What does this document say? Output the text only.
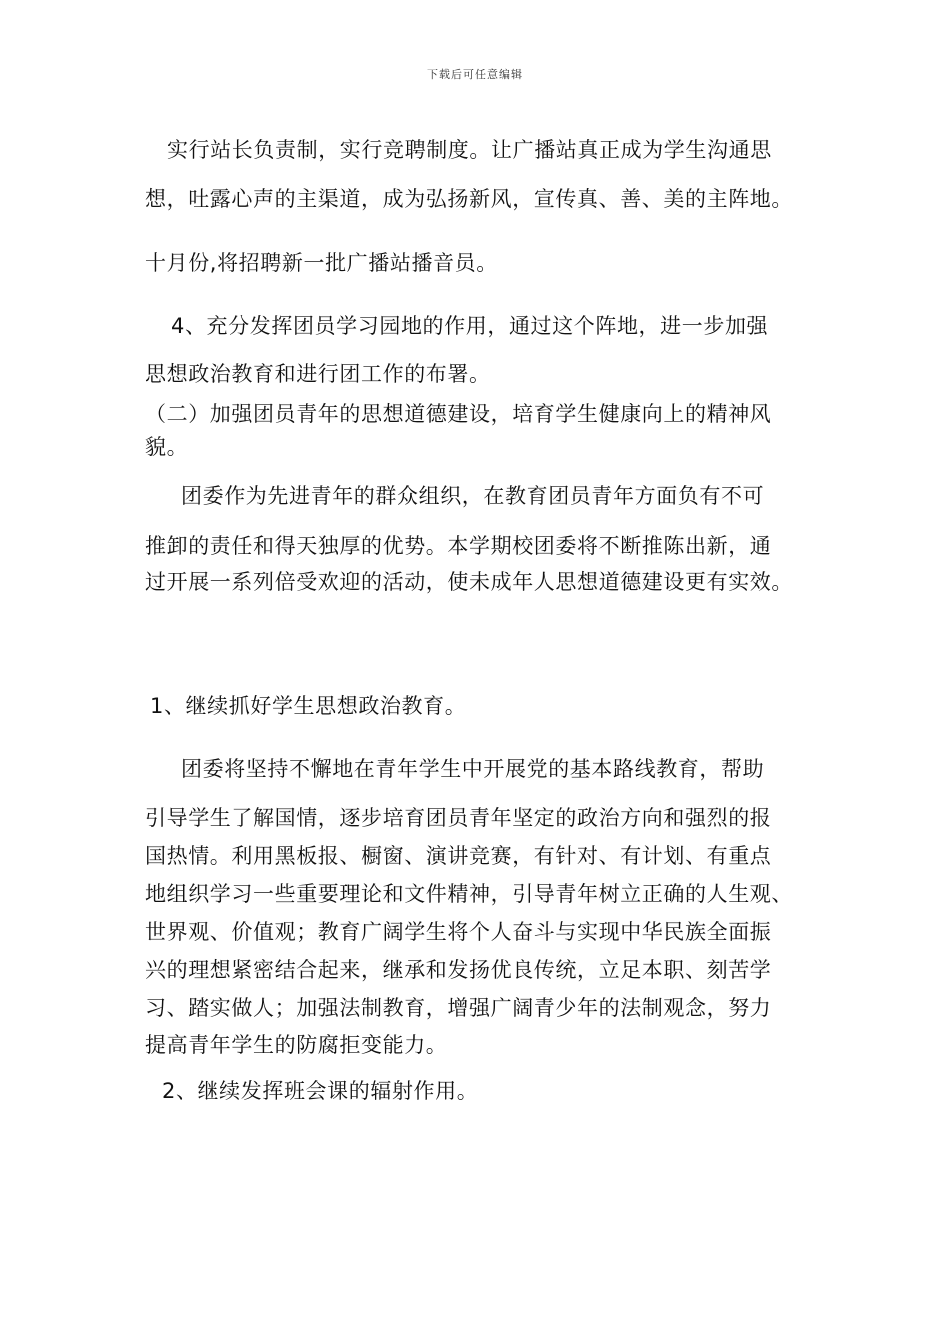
下载后可任意编辑
实行站长负责制，实行竞聘制度。让广播站真正成为学生沟通思
想，吐露心声的主渠道，成为弘扬新风，宣传真、善、美的主阵地。
十月份,将招聘新一批广播站播音员。
4、充分发挥团员学习园地的作用，通过这个阵地，进一步加强
思想政治教育和进行团工作的布署。
（二）加强团员青年的思想道德建设，培育学生健康向上的精神风
貌。
团委作为先进青年的群众组织，在教育团员青年方面负有不可
推卸的责任和得天独厚的优势。本学期校团委将不断推陈出新，通
过开展一系列倍受欢迎的活动，使未成年人思想道德建设更有实效。
1、继续抓好学生思想政治教育。
团委将坚持不懈地在青年学生中开展党的基本路线教育，帮助
引导学生了解国情，逐步培育团员青年坚定的政治方向和强烈的报
国热情。利用黑板报、橱窗、演讲竞赛，有针对、有计划、有重点
地组织学习一些重要理论和文件精神，引导青年树立正确的人生观、
世界观、价值观；教育广阔学生将个人奋斗与实现中华民族全面振
兴的理想紧密结合起来，继承和发扬优良传统，立足本职、刻苦学
习、踏实做人；加强法制教育，增强广阔青少年的法制观念，努力
提高青年学生的防腐拒变能力。
2、继续发挥班会课的辐射作用。
